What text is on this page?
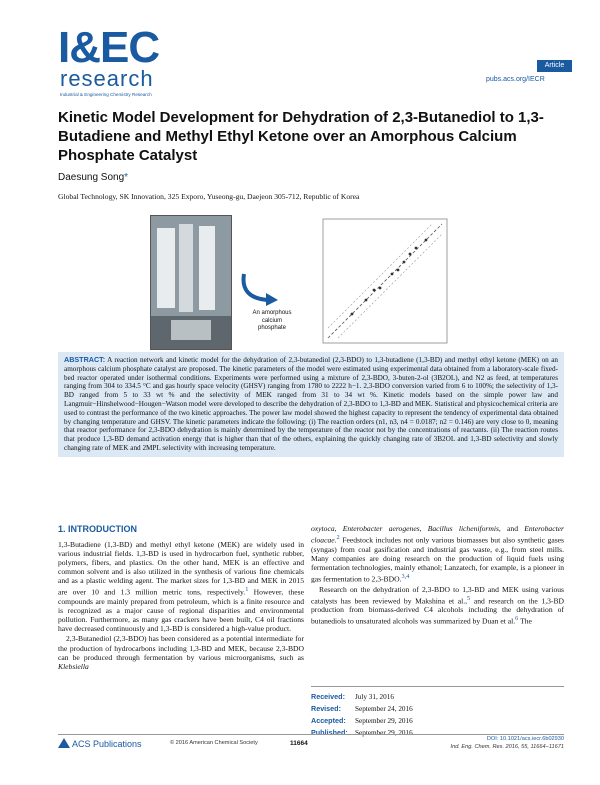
I&EC
research
Industrial & Engineering Chemistry Research
Article
pubs.acs.org/IECR
Kinetic Model Development for Dehydration of 2,3-Butanediol to 1,3-Butadiene and Methyl Ethyl Ketone over an Amorphous Calcium Phosphate Catalyst
Daesung Song*
Global Technology, SK Innovation, 325 Exporo, Yuseong-gu, Daejeon 305-712, Republic of Korea
An amorphous
calcium
phosphate
ABSTRACT: A reaction network and kinetic model for the dehydration of 2,3-butanediol (2,3-BDO) to 1,3-butadiene (1,3-BD) and methyl ethyl ketone (MEK) on an amorphous calcium phosphate catalyst are proposed. The kinetic parameters of the model were estimated using experimental data obtained from a laboratory-scale fixed-bed reactor operated under isothermal conditions. Experiments were performed using a mixture of 2,3-BDO, 3-buten-2-ol (3B2OL), and N2 as feed, at temperatures ranging from 304 to 334.5 °C and gas hourly space velocity (GHSV) ranging from 1780 to 2222 h−1. 2,3-BDO conversion varied from 6 to 100%; the selectivity of 1,3-BD ranged from 5 to 33 wt % and the selectivity of MEK ranged from 31 to 34 wt %. Kinetic models based on the simple power law and Langmuir−Hinshelwood−Hougen−Watson model were developed to describe the dehydration of 2,3-BDO to 1,3-BD and MEK. Statistical and physicochemical criteria are used to contrast the performance of the two kinetic approaches. The power law model showed the highest capacity to represent the tendency of experimental data obtained by changing temperature and GHSV. The kinetic parameters indicate the following: (i) The reaction orders (n1, n3, n4 = 0.0187; n2 = 0.146) are very close to 0, meaning that reactor performance for 2,3-BDO dehydration is mainly determined by the temperature of the reactor not by the concentrations of reactants. (ii) The reaction routes that produce 1,3-BD demand activation energy that is higher than that of the others, explaining the quickly changing rate of 3B2OL and 1,3-BD selectivity and slowly changing rate of MEK and 2MPL selectivity with increasing temperature.
1. INTRODUCTION

1,3-Butadiene (1,3-BD) and methyl ethyl ketone (MEK) are widely used in various industrial fields. 1,3-BD is used in hydrocarbon fuel, synthetic rubber, polymers, fibers, and plastics. On the other hand, MEK is an effective and common solvent and is also utilized in the synthesis of various fine chemicals and as a plastic welding agent. The market sizes for 1,3-BD and MEK in 2015 are over 10 and 1.3 million metric tons, respectively.$^1$ However, these compounds are mainly prepared from petroleum, which is a finite resource and is recognized as a major cause of regional disparities and environmental pollution. Furthermore, as many gas crackers have been built, C4 oil fractions have decreased continuously and 1,3-BD is considered a high-value product.

2,3-Butanediol (2,3-BDO) has been considered as a potential intermediate for the production of hydrocarbons including 1,3-BD and MEK, because 2,3-BDO can be produced through fermentation by various microorganisms, such as Klebsiella

oxytoca, Enterobacter aerogenes, Bacillus licheniformis, and Enterobacter cloacae.$^2$ Feedstock includes not only various biomasses but also synthetic gases (syngas) from coal gasification and industrial gas waste, e.g., from steel mills. Many companies are doing research on the production of liquid fuels using fermentation technologies, mainly ethanol; Lanzatech, for example, is a pioneer in gas fermentation to 2,3-BDO.$^{3,4}$

Research on the dehydration of 2,3-BDO to 1,3-BD and MEK using various catalysts has been reviewed by Makshina et al.,$^5$ and research on the 1,3-BD production from biomass-derived C4 alcohols including the dehydration of butanediols to unsaturated alcohols was summarized by Duan et al.$^6$ The

Received: July 31, 2016
Revised: September 24, 2016
Accepted: September 29, 2016
Published: September 29, 2016
ACS Publications	© 2016 American Chemical Society	11664
DOI: 10.1021/acs.iecr.6b02930
Ind. Eng. Chem. Res. 2016, 55, 11664−11671
